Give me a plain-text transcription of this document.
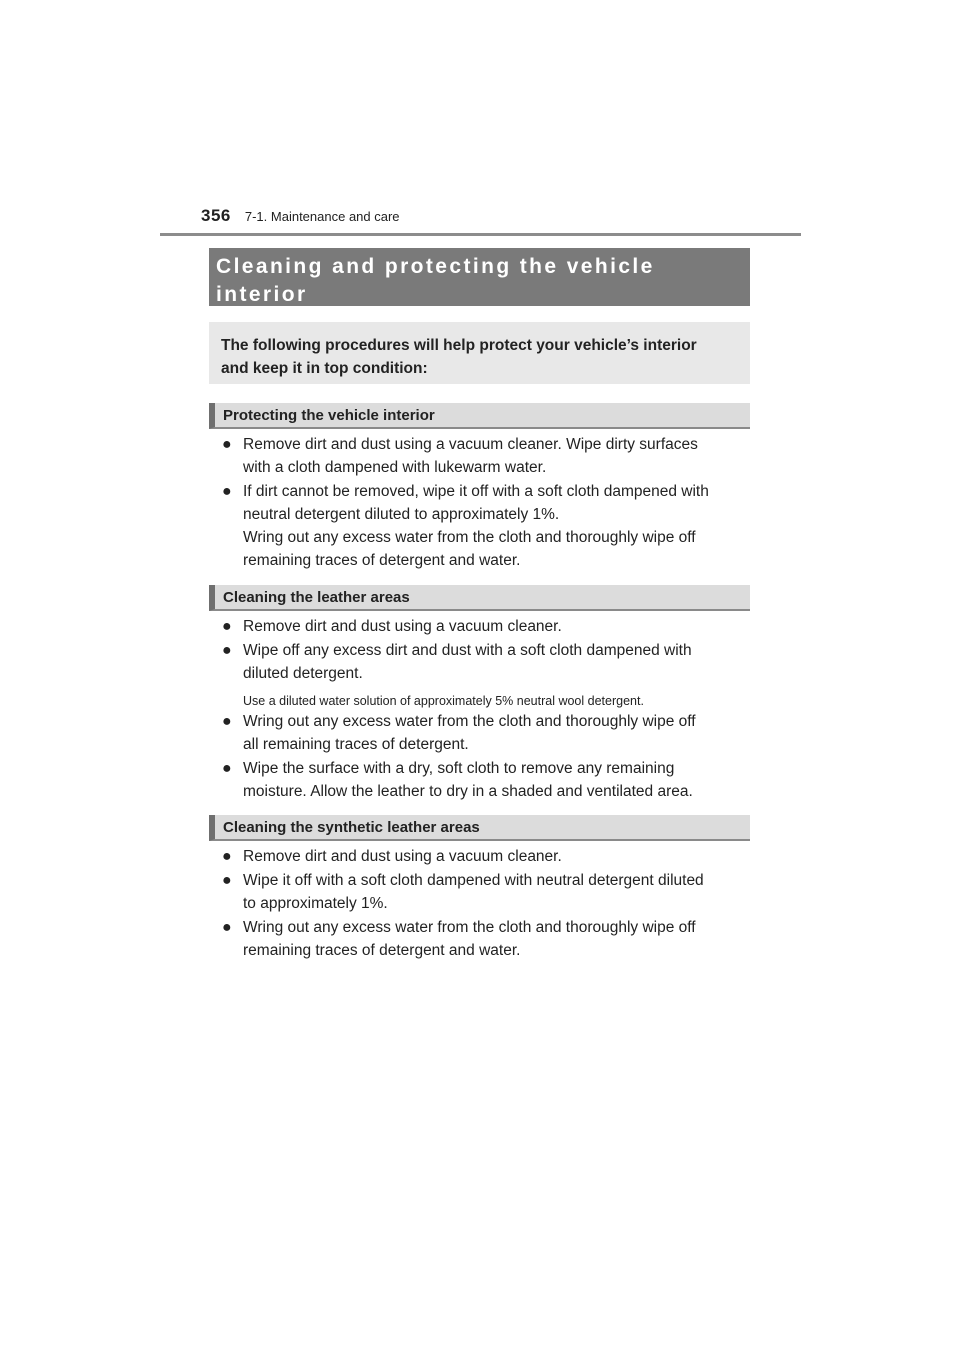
356 7-1. Maintenance and care
Cleaning and protecting the vehicle
interior
The following procedures will help protect your vehicle’s interior
and keep it in top condition:
Protecting the vehicle interior
● Remove dirt and dust using a vacuum cleaner. Wipe dirty surfaces
with a cloth dampened with lukewarm water.
● If dirt cannot be removed, wipe it off with a soft cloth dampened with
neutral detergent diluted to approximately 1%.
Wring out any excess water from the cloth and thoroughly wipe off
remaining traces of detergent and water.
Cleaning the leather areas
● Remove dirt and dust using a vacuum cleaner.
● Wipe off any excess dirt and dust with a soft cloth dampened with
diluted detergent.
Use a diluted water solution of approximately 5% neutral wool detergent.
● Wring out any excess water from the cloth and thoroughly wipe off
all remaining traces of detergent.
● Wipe the surface with a dry, soft cloth to remove any remaining
moisture. Allow the leather to dry in a shaded and ventilated area.
Cleaning the synthetic leather areas
● Remove dirt and dust using a vacuum cleaner.
● Wipe it off with a soft cloth dampened with neutral detergent diluted
to approximately 1%.
● Wring out any excess water from the cloth and thoroughly wipe off
remaining traces of detergent and water.
